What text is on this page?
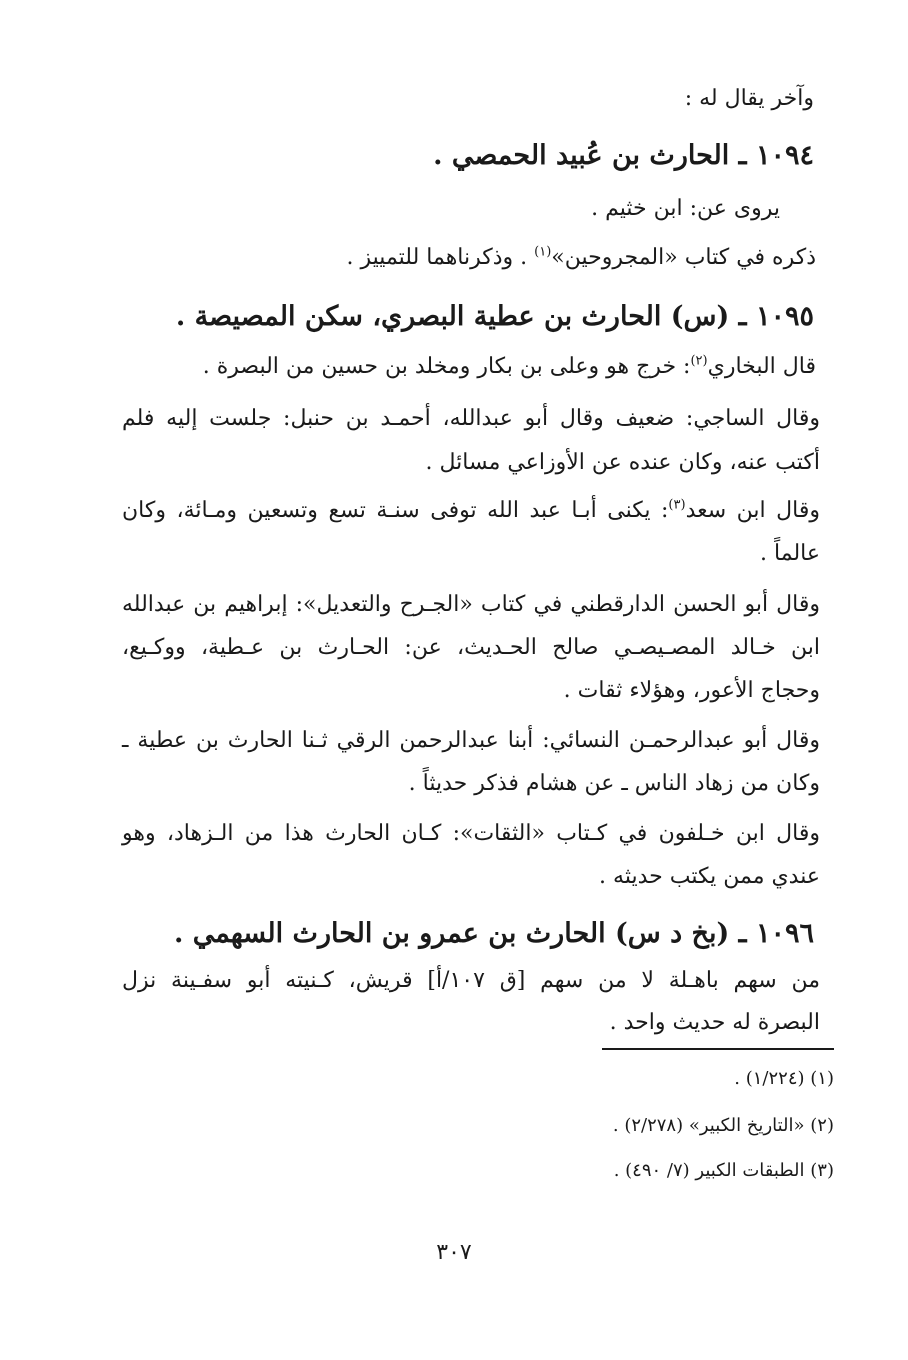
وآخر يقال له :
١٠٩٤ ـ الحارث بن عُبيد الحمصي .
يروى عن: ابن خثيم .
ذكره في كتاب «المجروحين»$^{(١)}$ . وذكرناهما للتمييز .
١٠٩٥ ـ (س) الحارث بن عطية البصري، سكن المصيصة .
قال البخاري$^{(٢)}$: خرج هو وعلى بن بكار ومخلد بن حسين من البصرة .
وقال الساجي: ضعيف وقال أبو عبدالله، أحمـد بن حنبل: جلست إليه فلم
أكتب عنه، وكان عنده عن الأوزاعي مسائل .
وقال ابن سعد$^{(٣)}$: يكنى أبـا عبد الله توفى سنـة تسع وتسعين ومـائة، وكان
عالماً .
وقال أبو الحسن الدارقطني في كتاب «الجـرح والتعديل»: إبراهيم بن عبدالله
ابن خـالد المصـيصـي صالح الحـديث، عن: الحـارث بن عـطية، ووكـيع،
وحجاج الأعور، وهؤلاء ثقات .
وقال أبو عبدالرحمـن النسائي: أبنا عبدالرحمن الرقي ثـنا الحارث بن عطية ـ
وكان من زهاد الناس ـ عن هشام فذكر حديثاً .
وقال ابن خـلفون في كـتاب «الثقات»: كـان الحارث هذا من الـزهاد، وهو
عندي ممن يكتب حديثه .
١٠٩٦ ـ (بخ د س) الحارث بن عمرو بن الحارث السهمي .
من سهم باهـلة لا من سهم [ق ١٠٧/أ] قريش، كـنيته أبو سفـينة نزل
البصرة له حديث واحد .
(١) (١/٢٢٤) .
(٢) «التاريخ الكبير» (٢/٢٧٨) .
(٣) الطبقات الكبير (٧/ ٤٩٠) .
٣٠٧
